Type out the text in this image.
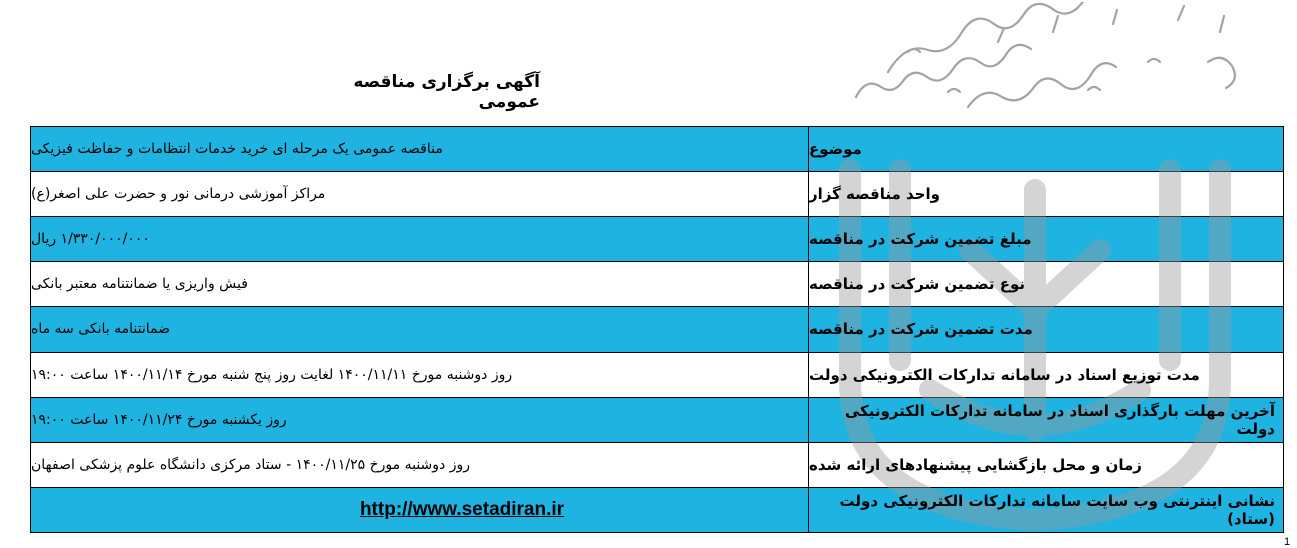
آگهی برگزاری مناقصه عمومی
مناقصه عمومی یک مرحله ای خرید خدمات انتظامات و حفاظت فیزیکی	موضوع
مراکز آموزشی درمانی نور و حضرت علی اصغر(ع)	واحد مناقصه گزار
۱/۳۳۰/۰۰۰/۰۰۰ ریال	مبلغ تضمین شرکت در مناقصه
فیش واریزی یا ضمانتنامه معتبر بانکی	نوع تضمین شرکت در مناقصه
ضمانتنامه بانکی سه ماه	مدت تضمین شرکت در مناقصه
روز دوشنبه مورخ ۱۴۰۰/۱۱/۱۱ لغایت روز پنج شنبه مورخ ۱۴۰۰/۱۱/۱۴ ساعت ۱۹:۰۰	مدت توزیع اسناد در سامانه تدارکات الکترونیکی دولت
روز یکشنبه مورخ ۱۴۰۰/۱۱/۲۴ ساعت ۱۹:۰۰	آخرین مهلت بارگذاری اسناد در سامانه تدارکات الکترونیکی دولت
روز دوشنبه مورخ ۱۴۰۰/۱۱/۲۵ - ستاد مرکزی دانشگاه علوم پزشکی اصفهان	زمان و محل بازگشایی پیشنهادهای ارائه شده
http://www.setadiran.ir	نشانی اینترنتی وب سایت سامانه تدارکات الکترونیکی دولت (ستاد)
1
